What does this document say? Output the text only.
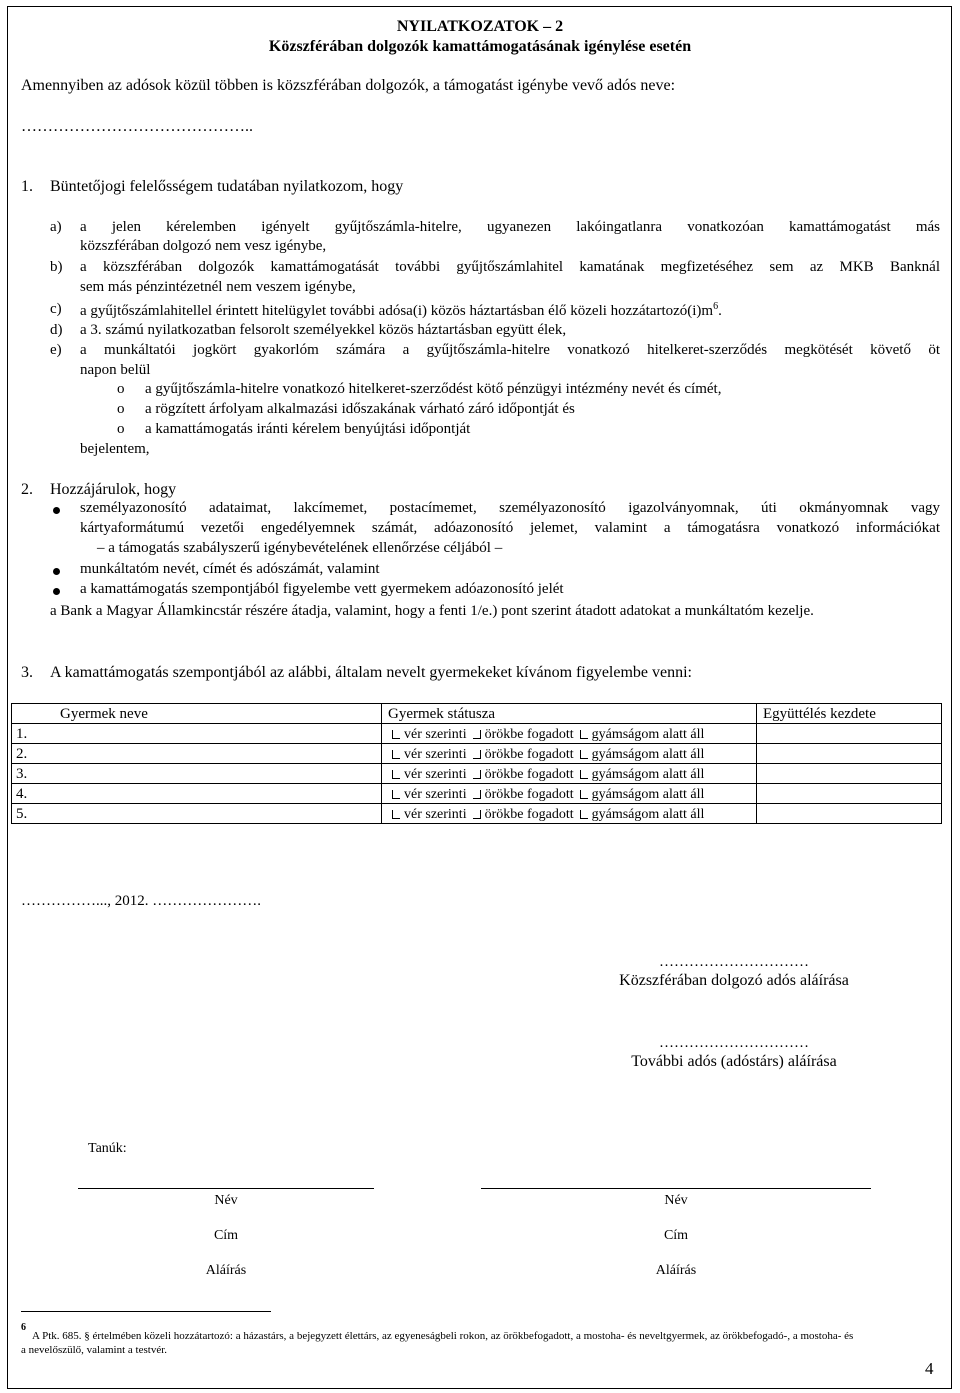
NYILATKOZATOK – 2
Közszférában dolgozók kamattámogatásának igénylése esetén
Amennyiben az adósok közül többen is közszférában dolgozók, a támogatást igénybe vevő adós neve:
……………………………………..
1. Büntetőjogi felelősségem tudatában nyilatkozom, hogy
a) a jelen kérelemben igényelt gyűjtőszámla-hitelre, ugyanezen lakóingatlanra vonatkozóan kamattámogatást más
közszférában dolgozó nem vesz igénybe,
b) a közszférában dolgozók kamattámogatását további gyűjtőszámlahitel kamatának megfizetéséhez sem az MKB Banknál
sem más pénzintézetnél nem veszem igénybe,
c) a gyűjtőszámlahitellel érintett hitelügylet további adósa(i) közös háztartásban élő közeli $hozzátartozó(i)m^6$.
d) a 3. számú nyilatkozatban felsorolt személyekkel közös háztartásban együtt élek,
e) a munkáltatói jogkört gyakorlóm számára a gyűjtőszámla-hitelre vonatkozó hitelkeret-szerződés megkötését követő öt
napon belül
o a gyűjtőszámla-hitelre vonatkozó hitelkeret-szerződést kötő pénzügyi intézmény nevét és címét,
o a rögzített árfolyam alkalmazási időszakának várható záró időpontját és
o a kamattámogatás iránti kérelem benyújtási időpontját
bejelentem,
2. Hozzájárulok, hogy
személyazonosító adataimat, lakcímemet, postacímemet, személyazonosító igazolványomnak, úti okmányomnak vagy
kártyaformátumú vezetői engedélyemnek számát, adóazonosító jelemet, valamint a támogatásra vonatkozó információkat
– a támogatás szabályszerű igénybevételének ellenőrzése céljából –
munkáltatóm nevét, címét és adószámát, valamint
a kamattámogatás szempontjából figyelembe vett gyermekem adóazonosító jelét
a Bank a Magyar Államkincstár részére átadja, valamint, hogy a fenti 1/e.) pont szerint átadott adatokat a munkáltatóm kezelje.
3. A kamattámogatás szempontjából az alábbi, általam nevelt gyermekeket kívánom figyelembe venni:
Gyermek neve	Gyermek státusza	Együttélés kezdete
1.	vér szerinti örökbe fogadott gyámságom alatt áll	
2.	vér szerinti örökbe fogadott gyámságom alatt áll	
3.	vér szerinti örökbe fogadott gyámságom alatt áll	
4.	vér szerinti örökbe fogadott gyámságom alatt áll	
5.	vér szerinti örökbe fogadott gyámságom alatt áll	
……………..., 2012. ………………….
…………………………
Közszférában dolgozó adós aláírása
…………………………
További adós (adóstárs) aláírása
Tanúk:
Név
Cím
Aláírás
Név
Cím
Aláírás
6
A Ptk. 685. § értelmében közeli hozzátartozó: a házastárs, a bejegyzett élettárs, az egyeneságbeli rokon, az örökbefogadott, a mostoha- és neveltgyermek, az örökbefogadó-, a mostoha- és
a nevelőszülő, valamint a testvér.
4
